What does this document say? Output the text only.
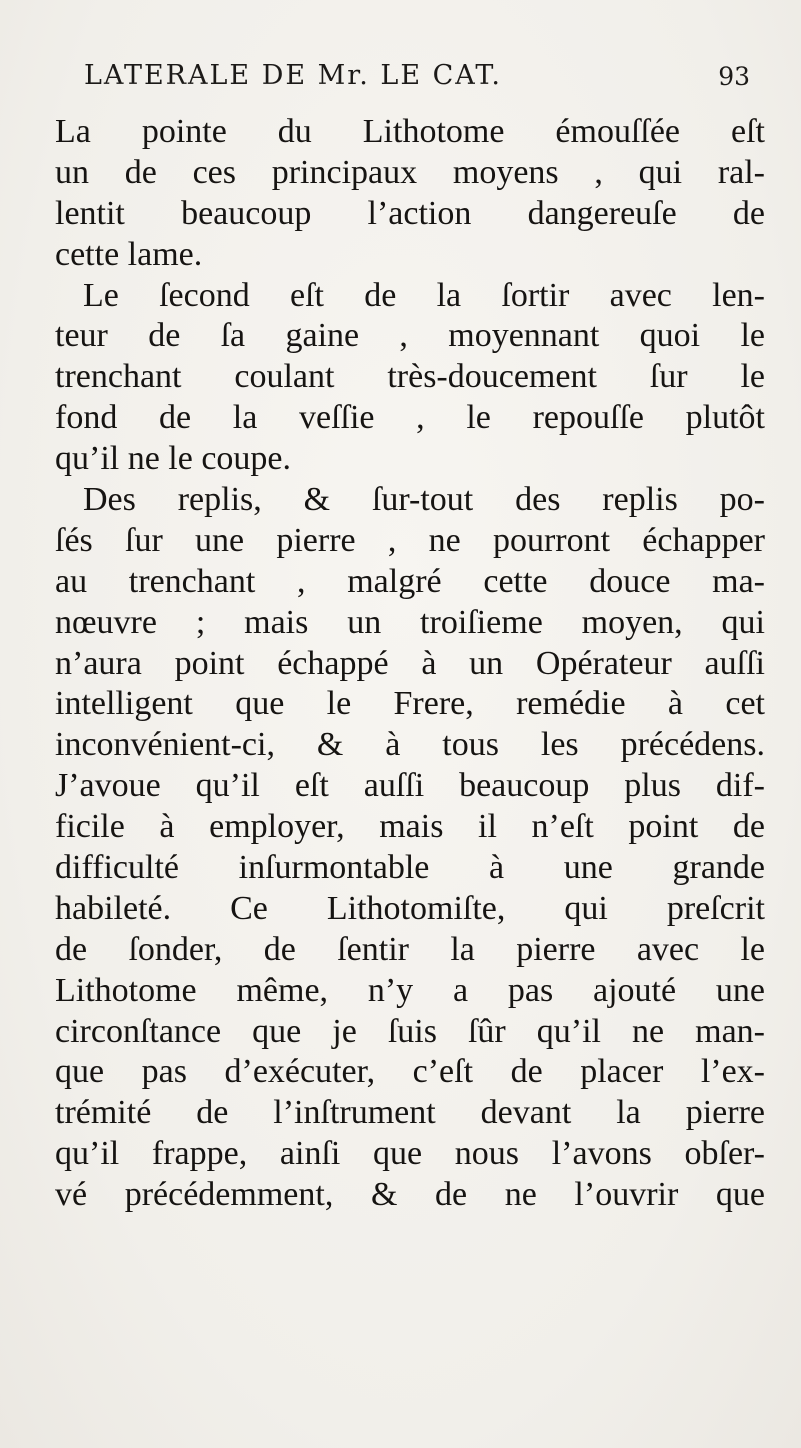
LATERALE DE Mr. LE CAT.	93
La pointe du Lithotome émouſſée eſt
un de ces principaux moyens , qui ral-
lentit beaucoup l’action dangereuſe de
cette lame.
Le ſecond eſt de la ſortir avec len-
teur de ſa gaine , moyennant quoi le
trenchant coulant très-doucement ſur le
fond de la veſſie , le repouſſe plutôt
qu’il ne le coupe.
Des replis, & ſur-tout des replis po-
ſés ſur une pierre , ne pourront échapper
au trenchant , malgré cette douce ma-
nœuvre ; mais un troiſieme moyen, qui
n’aura point échappé à un Opérateur auſſi
intelligent que le Frere, remédie à cet
inconvénient-ci, & à tous les précédens.
J’avoue qu’il eſt auſſi beaucoup plus dif-
ficile à employer, mais il n’eſt point de
difficulté inſurmontable à une grande
habileté. Ce Lithotomiſte, qui preſcrit
de ſonder, de ſentir la pierre avec le
Lithotome même, n’y a pas ajouté une
circonſtance que je ſuis ſûr qu’il ne man-
que pas d’exécuter, c’eſt de placer l’ex-
trémité de l’inſtrument devant la pierre
qu’il frappe, ainſi que nous l’avons obſer-
vé précédemment, & de ne l’ouvrir que
